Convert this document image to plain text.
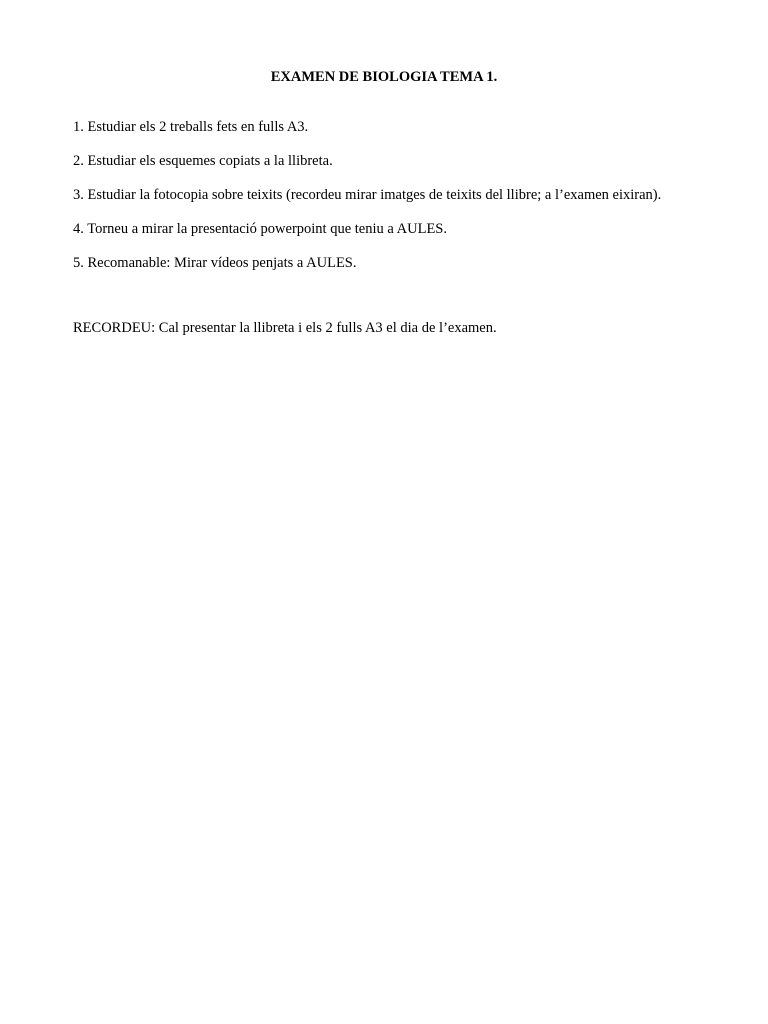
EXAMEN DE BIOLOGIA TEMA 1.

1. Estudiar els 2 treballs fets en fulls A3.

2. Estudiar els esquemes copiats a la llibreta.

3. Estudiar la fotocopia sobre teixits (recordeu mirar imatges de teixits del llibre; a l’examen eixiran).

4. Torneu a mirar la presentació powerpoint que teniu a AULES.

5. Recomanable: Mirar vídeos penjats a AULES.

RECORDEU: Cal presentar la llibreta i els 2 fulls A3 el dia de l’examen.
